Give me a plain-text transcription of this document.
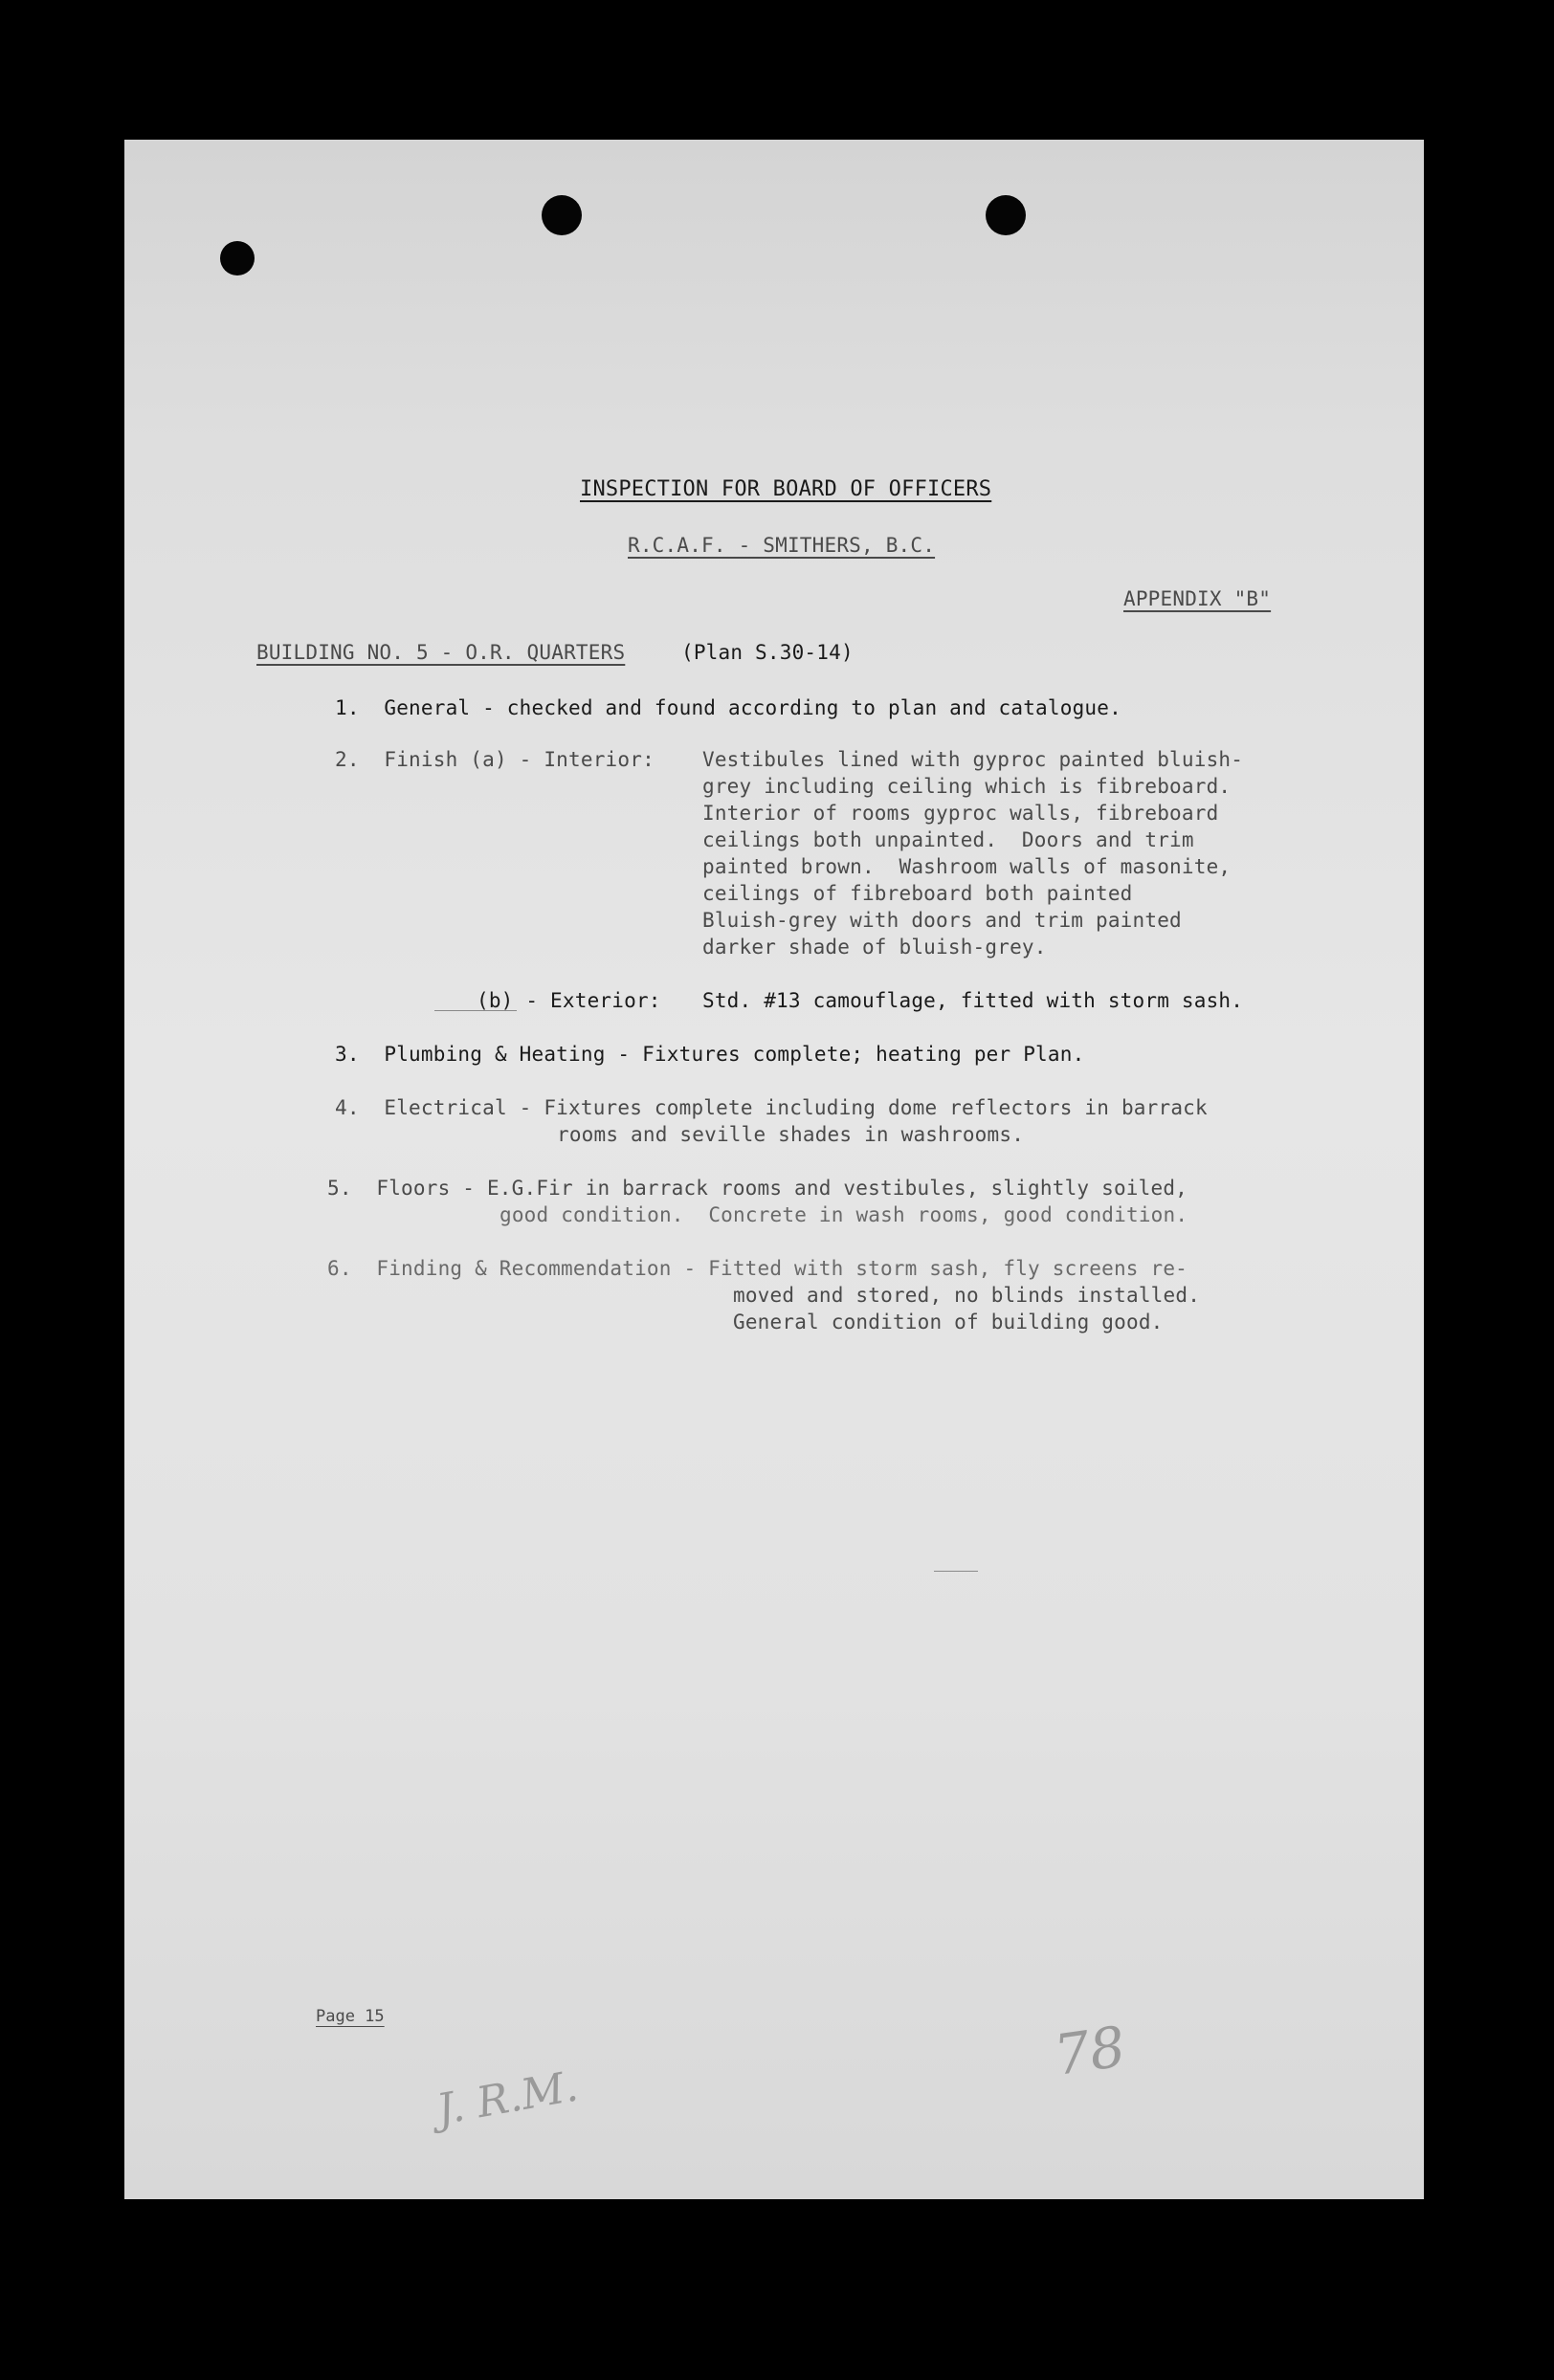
INSPECTION FOR BOARD OF OFFICERS
R.C.A.F. - SMITHERS, B.C.
APPENDIX "B"
BUILDING NO. 5 - O.R. QUARTERS	(Plan S.30-14)
1.  General - checked and found according to plan and catalogue.
2.  Finish (a) - Interior: Vestibules lined with gyproc painted bluish-
grey including ceiling which is fibreboard.
Interior of rooms gyproc walls, fibreboard
ceilings both unpainted.  Doors and trim
painted brown.  Washroom walls of masonite,
ceilings of fibreboard both painted
Bluish-grey with doors and trim painted
darker shade of bluish-grey.
(b) - Exterior: Std. #13 camouflage, fitted with storm sash.
3.  Plumbing & Heating - Fixtures complete; heating per Plan.
4.  Electrical - Fixtures complete including dome reflectors in barrack
rooms and seville shades in washrooms.
5.  Floors - E.G.Fir in barrack rooms and vestibules, slightly soiled,
good condition.  Concrete in wash rooms, good condition.
6.  Finding & Recommendation - Fitted with storm sash, fly screens re-
moved and stored, no blinds installed.
General condition of building good.
Page 15
J. R.M.
78
